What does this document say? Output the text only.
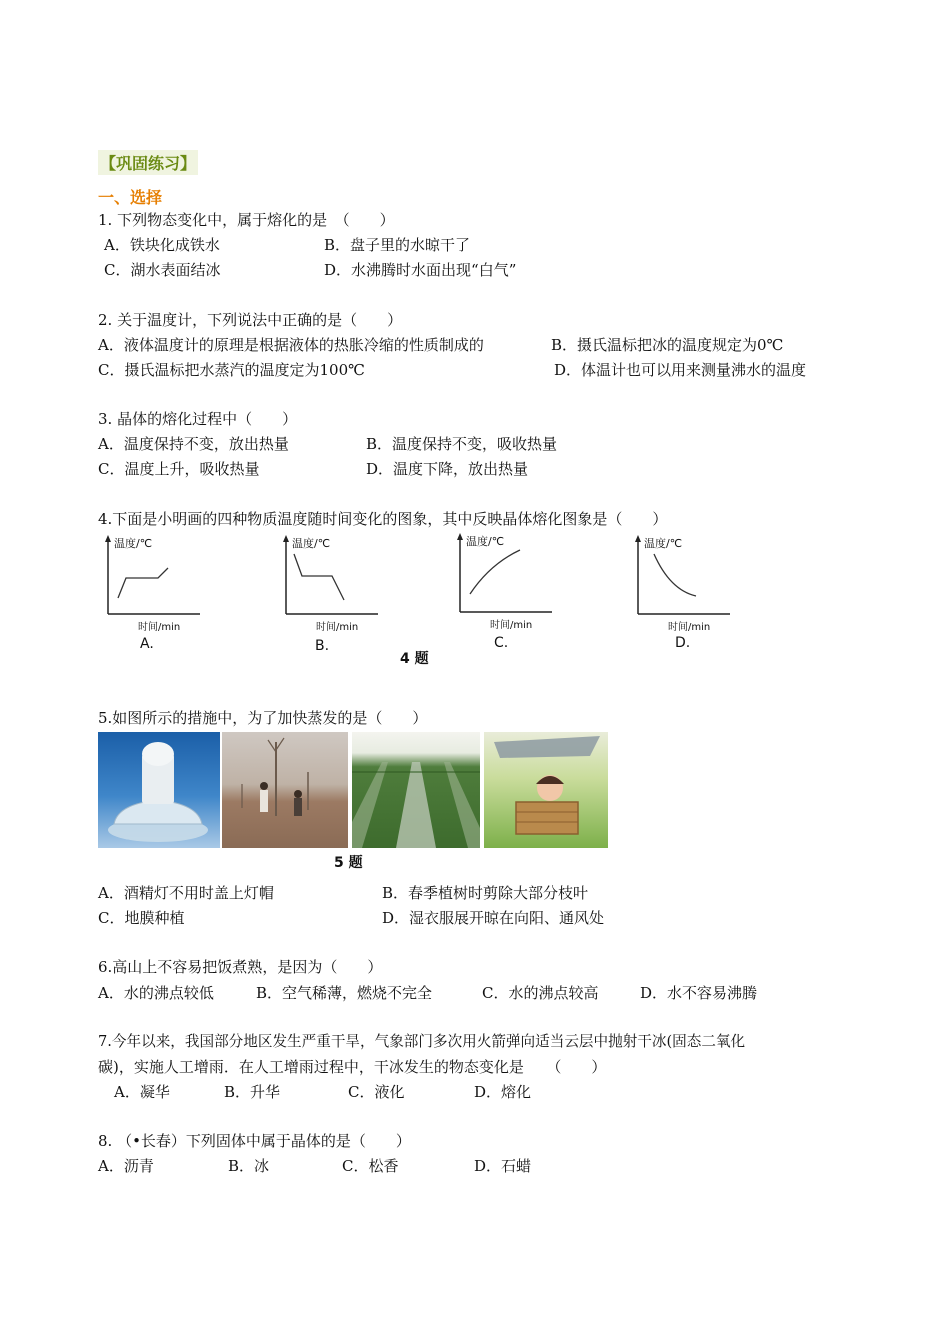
【巩固练习】
一、选择
1. 下列物态变化中，属于熔化的是　（　　）
A．铁块化成铁水	B．盘子里的水晾干了
C．湖水表面结冰	D．水沸腾时水面出现“白气”
2. 关于温度计，下列说法中正确的是（　　）
A．液体温度计的原理是根据液体的热胀冷缩的性质制成的	B．摄氏温标把冰的温度规定为0℃
C．摄氏温标把水蒸汽的温度定为100℃	D．体温计也可以用来测量沸水的温度
3. 晶体的熔化过程中（　　）
A．温度保持不变，放出热量	B．温度保持不变，吸收热量
C．温度上升，吸收热量	D．温度下降，放出热量
4.下面是小明画的四种物质温度随时间变化的图象，其中反映晶体熔化图象是（　　）
温度/℃
时间/min
A.
温度/℃
时间/min
B.
4 题
温度/℃
时间/min
C.
温度/℃
时间/min
D.
5.如图所示的措施中，为了加快蒸发的是（　　）
5 题
A．酒精灯不用时盖上灯帽	B．春季植树时剪除大部分枝叶
C．地膜种植	D．湿衣服展开晾在向阳、通风处
6.高山上不容易把饭煮熟，是因为（　　）
A．水的沸点较低	B．空气稀薄，燃烧不完全	C．水的沸点较高	D．水不容易沸腾
7.今年以来，我国部分地区发生严重干旱，气象部门多次用火箭弹向适当云层中抛射干冰(固态二氧化
碳)，实施人工增雨．在人工增雨过程中，干冰发生的物态变化是　　（　　）
A．凝华	B．升华	C．液化	D．熔化
8. （•长春）下列固体中属于晶体的是（　　）
A．沥青	B．冰	C．松香	D．石蜡
